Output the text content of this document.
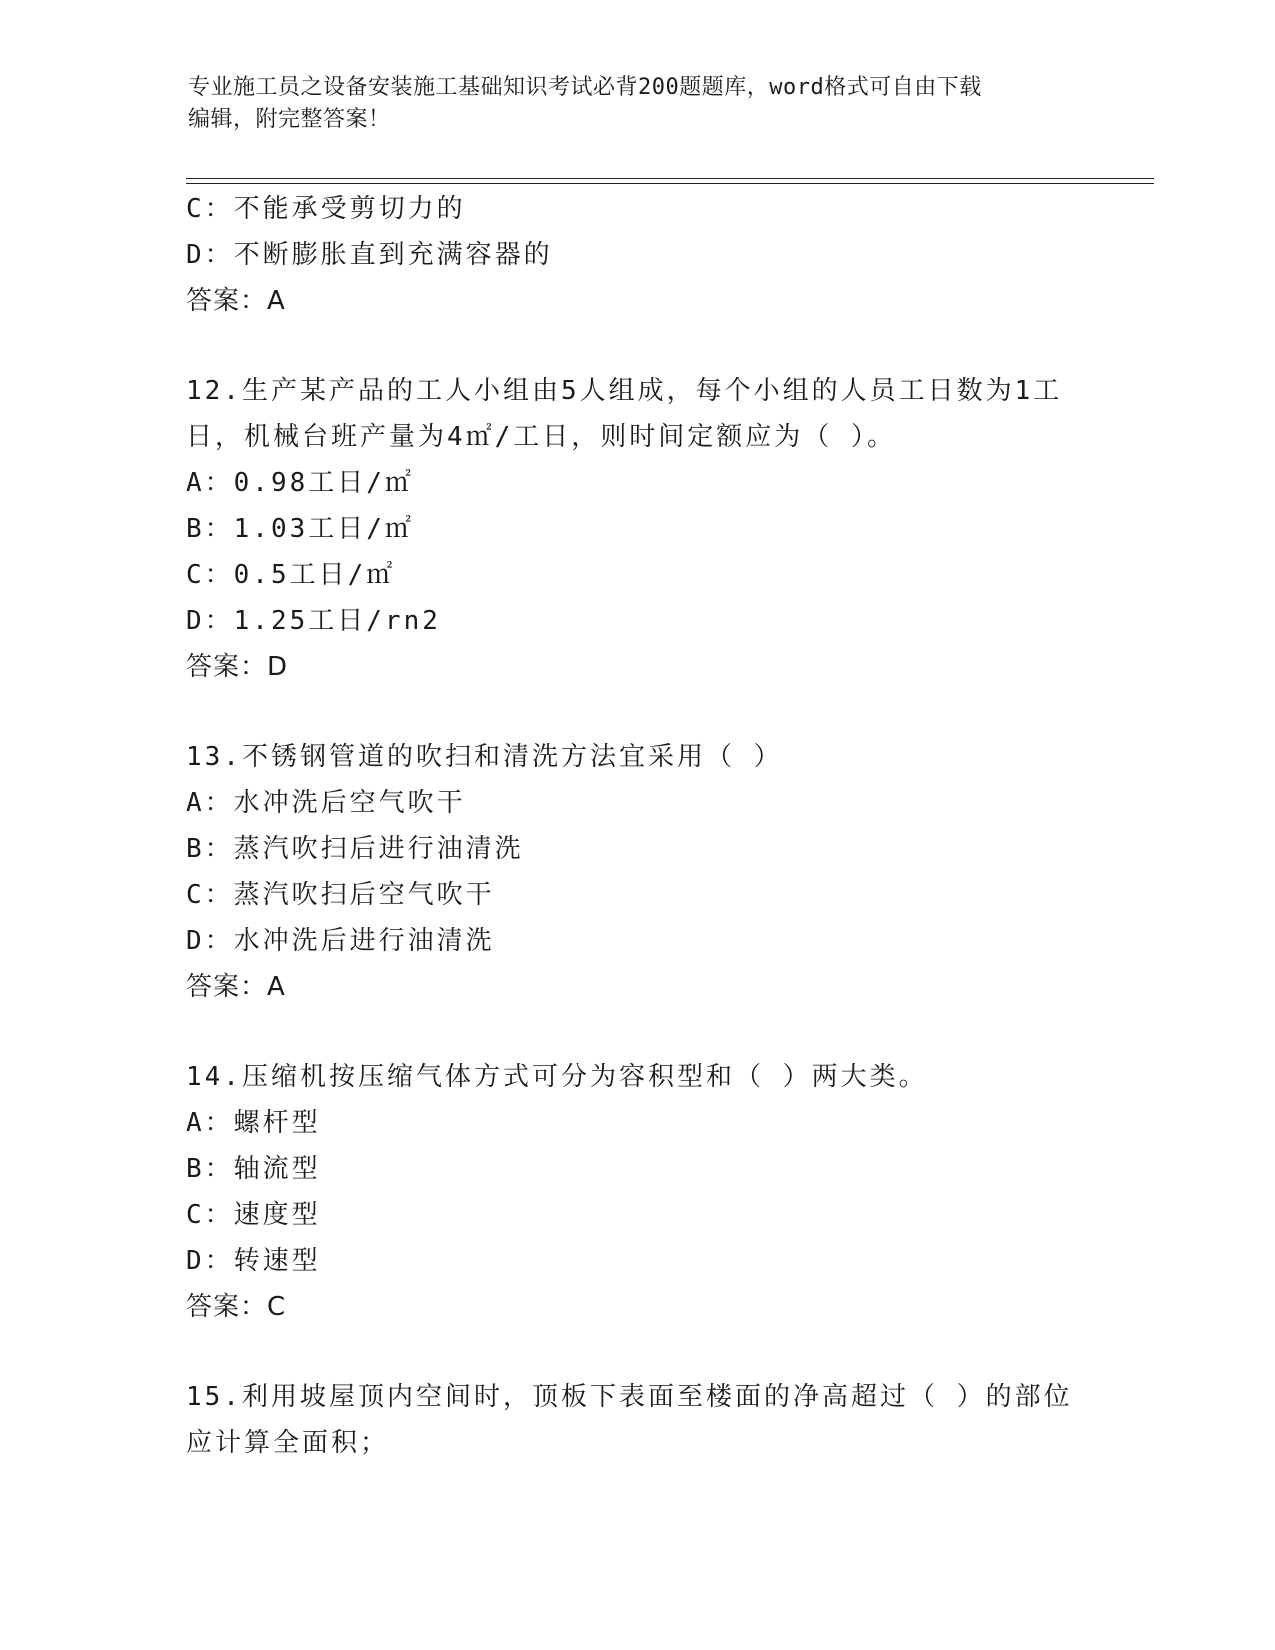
专业施工员之设备安装施工基础知识考试必背200题题库，word格式可自由下载
编辑，附完整答案！
C：不能承受剪切力的
D：不断膨胀直到充满容器的
答案：A
12.生产某产品的工人小组由5人组成，每个小组的人员工日数为1工
日，机械台班产量为4㎡/工日，则时间定额应为（ ）。
A：0.98工日/㎡
B：1.03工日/㎡
C：0.5工日/㎡
D：1.25工日/rn2
答案：D
13.不锈钢管道的吹扫和清洗方法宜采用（ ）
A：水冲洗后空气吹干
B：蒸汽吹扫后进行油清洗
C：蒸汽吹扫后空气吹干
D：水冲洗后进行油清洗
答案：A
14.压缩机按压缩气体方式可分为容积型和（ ）两大类。
A：螺杆型
B：轴流型
C：速度型
D：转速型
答案：C
15.利用坡屋顶内空间时，顶板下表面至楼面的净高超过（ ）的部位
应计算全面积；
